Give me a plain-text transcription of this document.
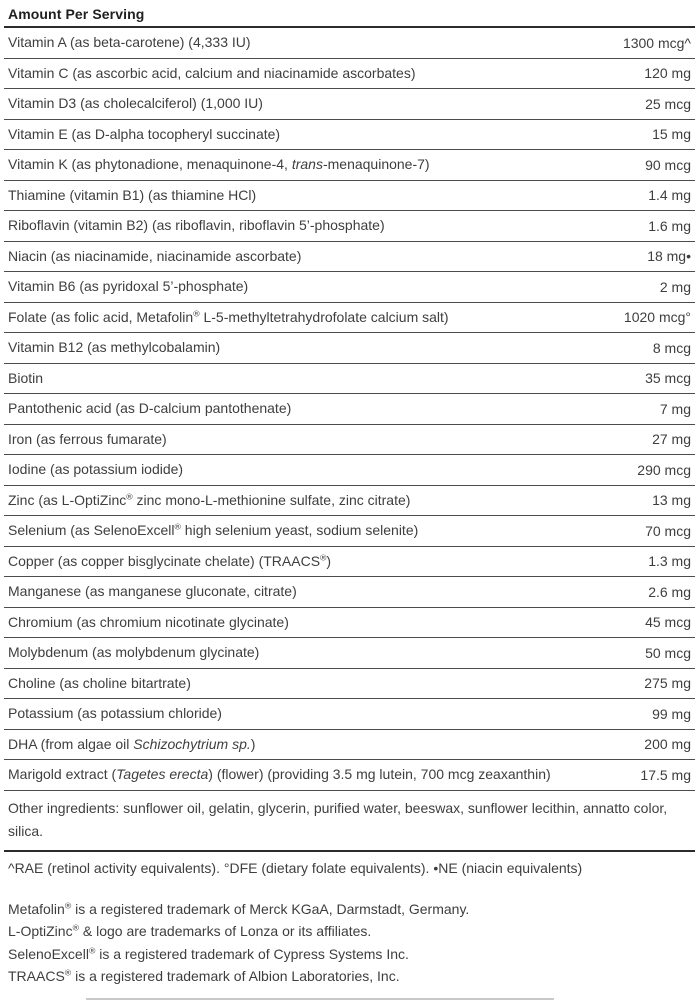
Amount Per Serving
Vitamin A (as beta-carotene) (4,333 IU)	1300 mcg^
Vitamin C (as ascorbic acid, calcium and niacinamide ascorbates)	120 mg
Vitamin D3 (as cholecalciferol) (1,000 IU)	25 mcg
Vitamin E (as D-alpha tocopheryl succinate)	15 mg
Vitamin K (as phytonadione, menaquinone-4, trans-menaquinone-7)	90 mcg
Thiamine (vitamin B1) (as thiamine HCl)	1.4 mg
Riboflavin (vitamin B2) (as riboflavin, riboflavin 5’-phosphate)	1.6 mg
Niacin (as niacinamide, niacinamide ascorbate)	18 mg•
Vitamin B6 (as pyridoxal 5’-phosphate)	2 mg
Folate (as folic acid, Metafolin® L-5-methyltetrahydrofolate calcium salt)	1020 mcg°
Vitamin B12 (as methylcobalamin)	8 mcg
Biotin	35 mcg
Pantothenic acid (as D-calcium pantothenate)	7 mg
Iron (as ferrous fumarate)	27 mg
Iodine (as potassium iodide)	290 mcg
Zinc (as L-OptiZinc® zinc mono-L-methionine sulfate, zinc citrate)	13 mg
Selenium (as SelenoExcell® high selenium yeast, sodium selenite)	70 mcg
Copper (as copper bisglycinate chelate) (TRAACS®)	1.3 mg
Manganese (as manganese gluconate, citrate)	2.6 mg
Chromium (as chromium nicotinate glycinate)	45 mcg
Molybdenum (as molybdenum glycinate)	50 mcg
Choline (as choline bitartrate)	275 mg
Potassium (as potassium chloride)	99 mg
DHA (from algae oil Schizochytrium sp.)	200 mg
Marigold extract (Tagetes erecta) (flower) (providing 3.5 mg lutein, 700 mcg zeaxanthin)	17.5 mg
Other ingredients: sunflower oil, gelatin, glycerin, purified water, beeswax, sunflower lecithin, annatto color, silica.
^RAE (retinol activity equivalents). °DFE (dietary folate equivalents). •NE (niacin equivalents)
Metafolin® is a registered trademark of Merck KGaA, Darmstadt, Germany.
L-OptiZinc® & logo are trademarks of Lonza or its affiliates.
SelenoExcell® is a registered trademark of Cypress Systems Inc.
TRAACS® is a registered trademark of Albion Laboratories, Inc.
